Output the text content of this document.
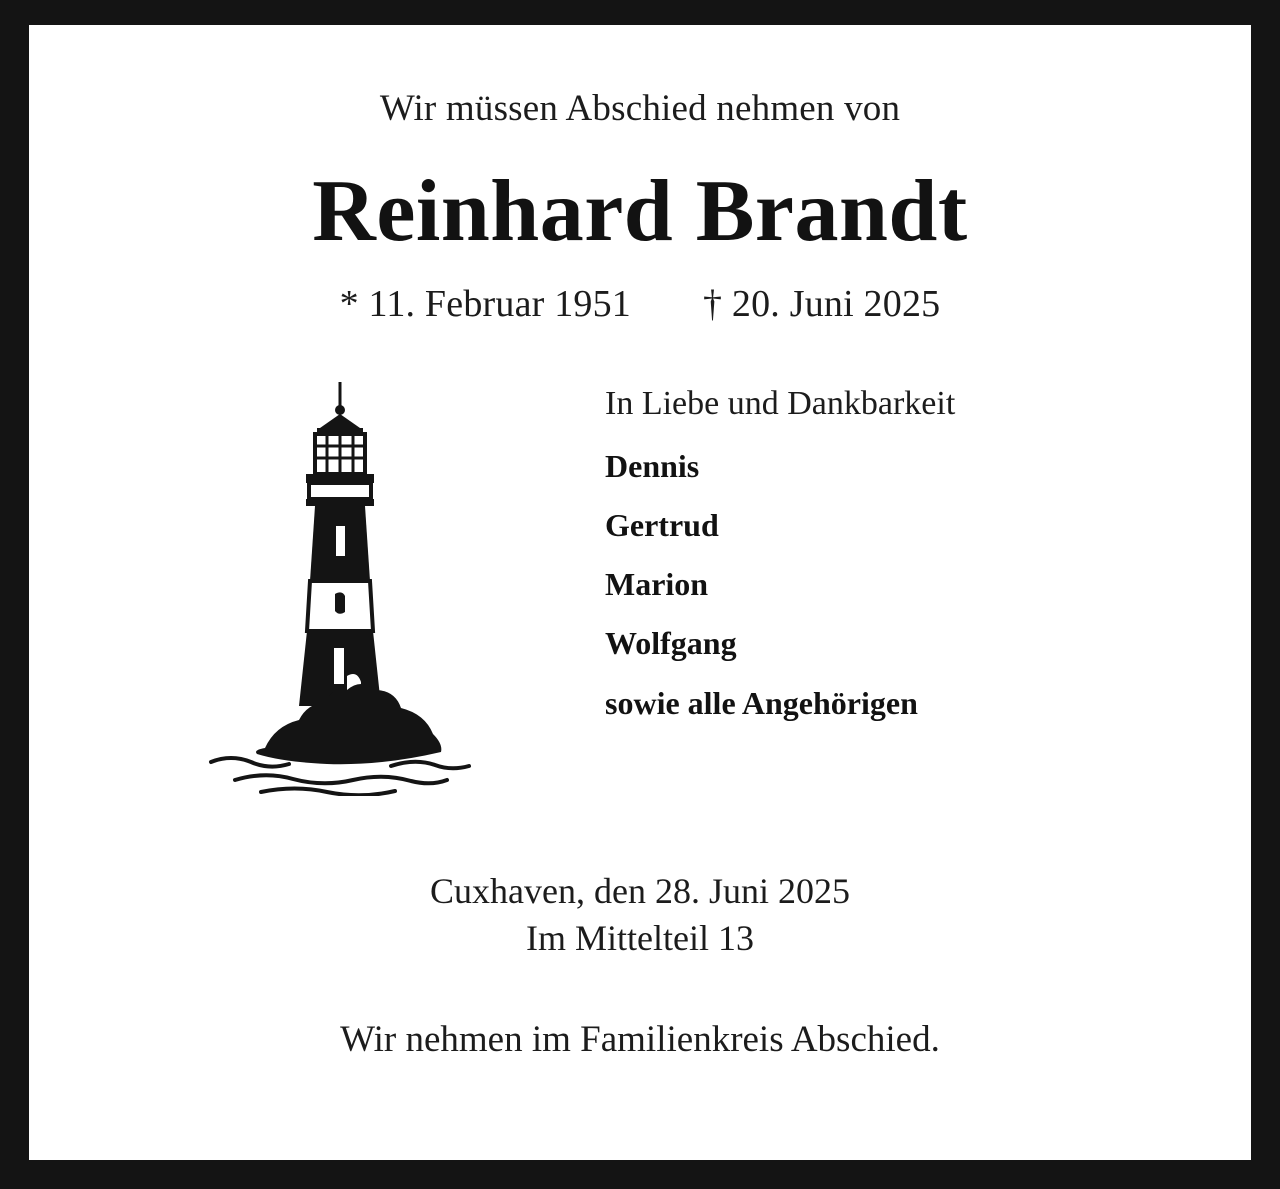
Wir müssen Abschied nehmen von
Reinhard Brandt
* 11. Februar 1951 † 20. Juni 2025
In Liebe und Dankbarkeit
Dennis
Gertrud
Marion
Wolfgang
sowie alle Angehörigen
Cuxhaven, den 28. Juni 2025
Im Mittelteil 13
Wir nehmen im Familienkreis Abschied.
